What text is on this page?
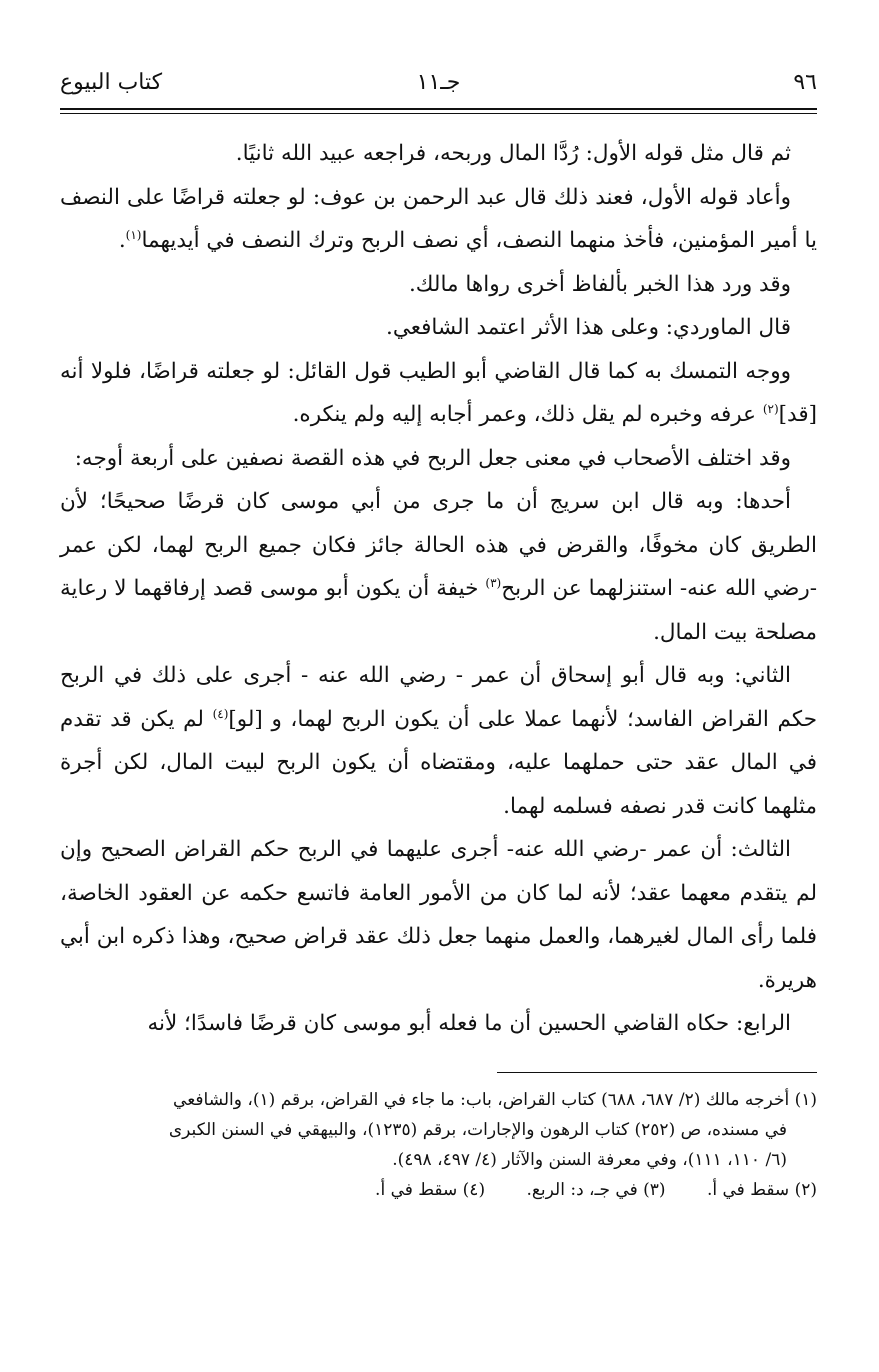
٩٦
جـ١١
كتاب البيوع

ثم قال مثل قوله الأول: رُدَّا المال وربحه، فراجعه عبيد الله ثانيًا.

وأعاد قوله الأول، فعند ذلك قال عبد الرحمن بن عوف: لو جعلته قراضًا على النصف يا أمير المؤمنين، فأخذ منهما النصف، أي نصف الربح وترك النصف في أيديهما$^{(١)}$.

وقد ورد هذا الخبر بألفاظ أخرى رواها مالك.

قال الماوردي: وعلى هذا الأثر اعتمد الشافعي.

ووجه التمسك به كما قال القاضي أبو الطيب قول القائل: لو جعلته قراضًا، فلولا أنه [قد]$^{(٢)}$ عرفه وخبره لم يقل ذلك، وعمر أجابه إليه ولم ينكره.

وقد اختلف الأصحاب في معنى جعل الربح في هذه القصة نصفين على أربعة أوجه:

أحدها: وبه قال ابن سريج أن ما جرى من أبي موسى كان قرضًا صحيحًا؛ لأن الطريق كان مخوفًا، والقرض في هذه الحالة جائز فكان جميع الربح لهما، لكن عمر -رضي الله عنه- استنزلهما عن الربح$^{(٣)}$ خيفة أن يكون أبو موسى قصد إرفاقهما لا رعاية مصلحة بيت المال.

الثاني: وبه قال أبو إسحاق أن عمر - رضي الله عنه - أجرى على ذلك في الربح حكم القراض الفاسد؛ لأنهما عملا على أن يكون الربح لهما، و [لو]$^{(٤)}$ لم يكن قد تقدم في المال عقد حتى حملهما عليه، ومقتضاه أن يكون الربح لبيت المال، لكن أجرة مثلهما كانت قدر نصفه فسلمه لهما.

الثالث: أن عمر -رضي الله عنه- أجرى عليهما في الربح حكم القراض الصحيح وإن لم يتقدم معهما عقد؛ لأنه لما كان من الأمور العامة فاتسع حكمه عن العقود الخاصة، فلما رأى المال لغيرهما، والعمل منهما جعل ذلك عقد قراض صحيح، وهذا ذكره ابن أبي هريرة.

الرابع: حكاه القاضي الحسين أن ما فعله أبو موسى كان قرضًا فاسدًا؛ لأنه

(١) أخرجه مالك (٢/ ٦٨٧، ٦٨٨) كتاب القراض، باب: ما جاء في القراض، برقم (١)، والشافعي

في مسنده، ص (٢٥٢) كتاب الرهون والإجارات، برقم (١٢٣٥)، والبيهقي في السنن الكبرى

(٦/ ١١٠، ١١١)، وفي معرفة السنن والآثار (٤/ ٤٩٧، ٤٩٨).

(٢) سقط في أ. (٣) في جـ، د: الربع. (٤) سقط في أ.
